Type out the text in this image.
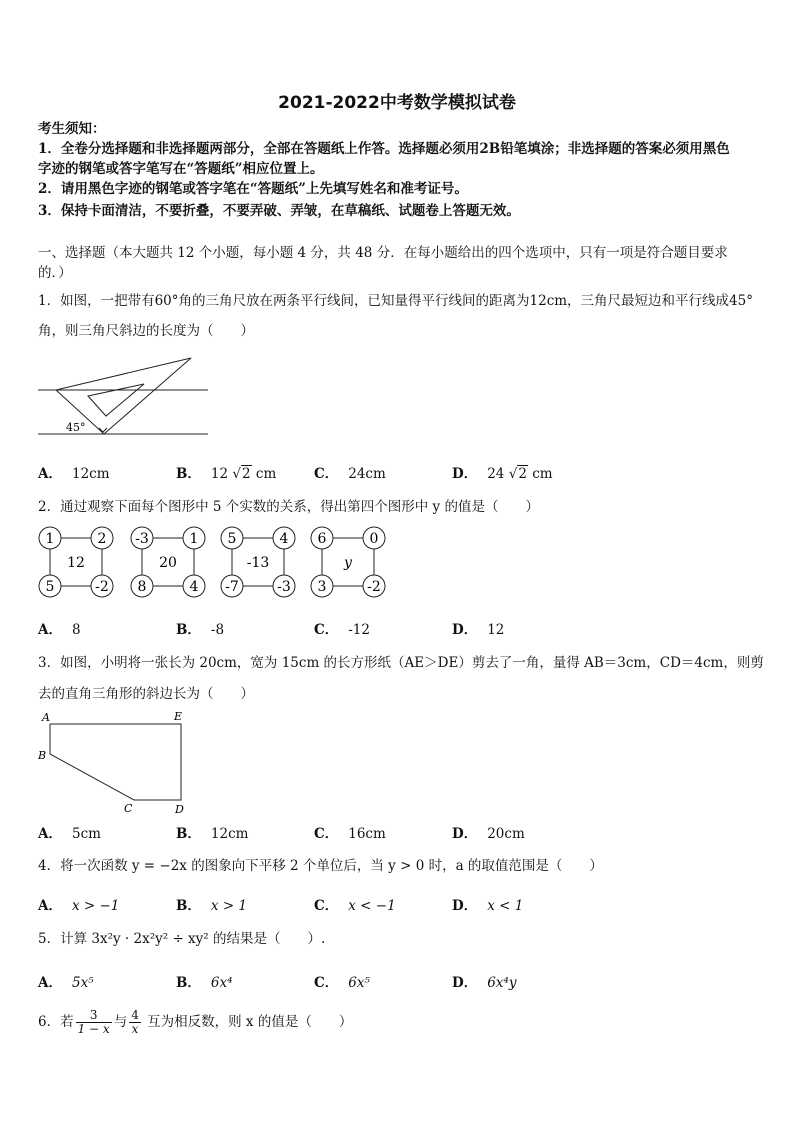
2021-2022中考数学模拟试卷
考生须知：
1．全卷分选择题和非选择题两部分，全部在答题纸上作答。选择题必须用2B铅笔填涂；非选择题的答案必须用黑色
字迹的钢笔或答字笔写在“答题纸”相应位置上。
2．请用黑色字迹的钢笔或答字笔在“答题纸”上先填写姓名和准考证号。
3．保持卡面清洁，不要折叠，不要弄破、弄皱，在草稿纸、试题卷上答题无效。
一、选择题（本大题共 12 个小题，每小题 4 分，共 48 分．在每小题给出的四个选项中，只有一项是符合题目要求
的．）
1．如图，一把带有60°角的三角尺放在两条平行线间，已知量得平行线间的距离为12cm，三角尺最短边和平行线成45°
角，则三角尺斜边的长度为（　　）
45°
A． 12cm	B． 12 √2 cm	C． 24cm	D． 24 √2 cm
2．通过观察下面每个图形中 5 个实数的关系，得出第四个图形中 y 的值是（　　）
1	2
5	-2
12
-3	1
8	4
20
5	4
-7	-3
-13
6	0
3	-2
y
A． 8	B． -8	C． -12	D． 12
3．如图，小明将一张长为 20cm，宽为 15cm 的长方形纸（AE＞DE）剪去了一角，量得 AB＝3cm，CD＝4cm，则剪
去的直角三角形的斜边长为（　　）
A	E
B
C	D
A． 5cm	B． 12cm	C． 16cm	D． 20cm
4．将一次函数 y = −2x 的图象向下平移 2 个单位后，当 y > 0 时，a 的取值范围是（　　）
A． x > −1	B． x > 1	C． x < −1	D． x < 1
5．计算 3x²y · 2x²y² ÷ xy² 的结果是（　　）.
A． 5x⁵	B． 6x⁴	C． 6x⁵	D． 6x⁴y
6．若 $\frac{3}{1 - x}$ 与 $\frac{4}{x}$ 互为相反数，则 x 的值是（　　）
